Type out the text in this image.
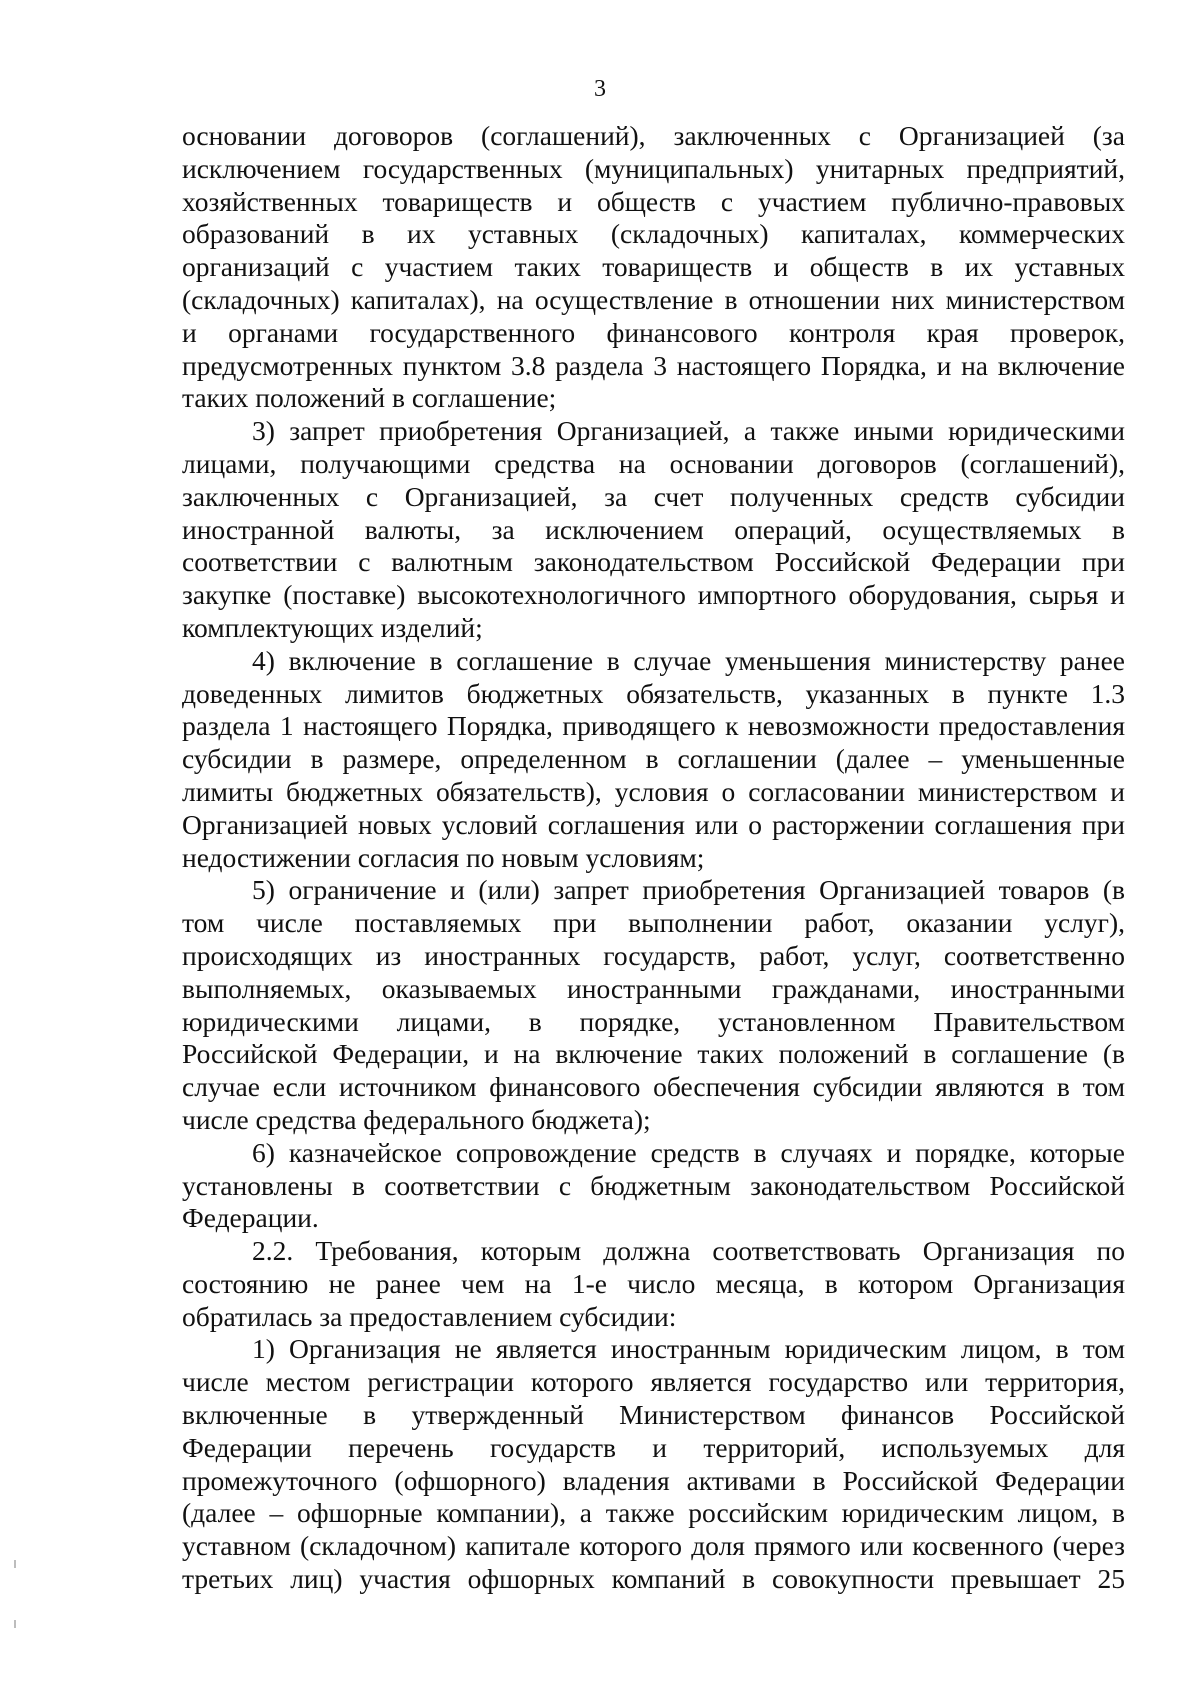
3

основании договоров (соглашений), заключенных с Организацией (за
исключением государственных (муниципальных) унитарных предприятий,
хозяйственных товариществ и обществ с участием публично-правовых
образований в их уставных (складочных) капиталах, коммерческих
организаций с участием таких товариществ и обществ в их уставных
(складочных) капиталах), на осуществление в отношении них министерством
и органами государственного финансового контроля края проверок,
предусмотренных пунктом 3.8 раздела 3 настоящего Порядка, и на включение
таких положений в соглашение;

3) запрет приобретения Организацией, а также иными юридическими
лицами, получающими средства на основании договоров (соглашений),
заключенных с Организацией, за счет полученных средств субсидии
иностранной валюты, за исключением операций, осуществляемых в
соответствии с валютным законодательством Российской Федерации при
закупке (поставке) высокотехнологичного импортного оборудования, сырья и
комплектующих изделий;

4) включение в соглашение в случае уменьшения министерству ранее
доведенных лимитов бюджетных обязательств, указанных в пункте 1.3
раздела 1 настоящего Порядка, приводящего к невозможности предоставления
субсидии в размере, определенном в соглашении (далее – уменьшенные
лимиты бюджетных обязательств), условия о согласовании министерством и
Организацией новых условий соглашения или о расторжении соглашения при
недостижении согласия по новым условиям;

5) ограничение и (или) запрет приобретения Организацией товаров (в
том числе поставляемых при выполнении работ, оказании услуг),
происходящих из иностранных государств, работ, услуг, соответственно
выполняемых, оказываемых иностранными гражданами, иностранными
юридическими лицами, в порядке, установленном Правительством
Российской Федерации, и на включение таких положений в соглашение (в
случае если источником финансового обеспечения субсидии являются в том
числе средства федерального бюджета);

6) казначейское сопровождение средств в случаях и порядке, которые
установлены в соответствии с бюджетным законодательством Российской
Федерации.

2.2. Требования, которым должна соответствовать Организация по
состоянию не ранее чем на 1-е число месяца, в котором Организация
обратилась за предоставлением субсидии:

1) Организация не является иностранным юридическим лицом, в том
числе местом регистрации которого является государство или территория,
включенные в утвержденный Министерством финансов Российской
Федерации перечень государств и территорий, используемых для
промежуточного (офшорного) владения активами в Российской Федерации
(далее – офшорные компании), а также российским юридическим лицом, в
уставном (складочном) капитале которого доля прямого или косвенного (через
третьих лиц) участия офшорных компаний в совокупности превышает 25
